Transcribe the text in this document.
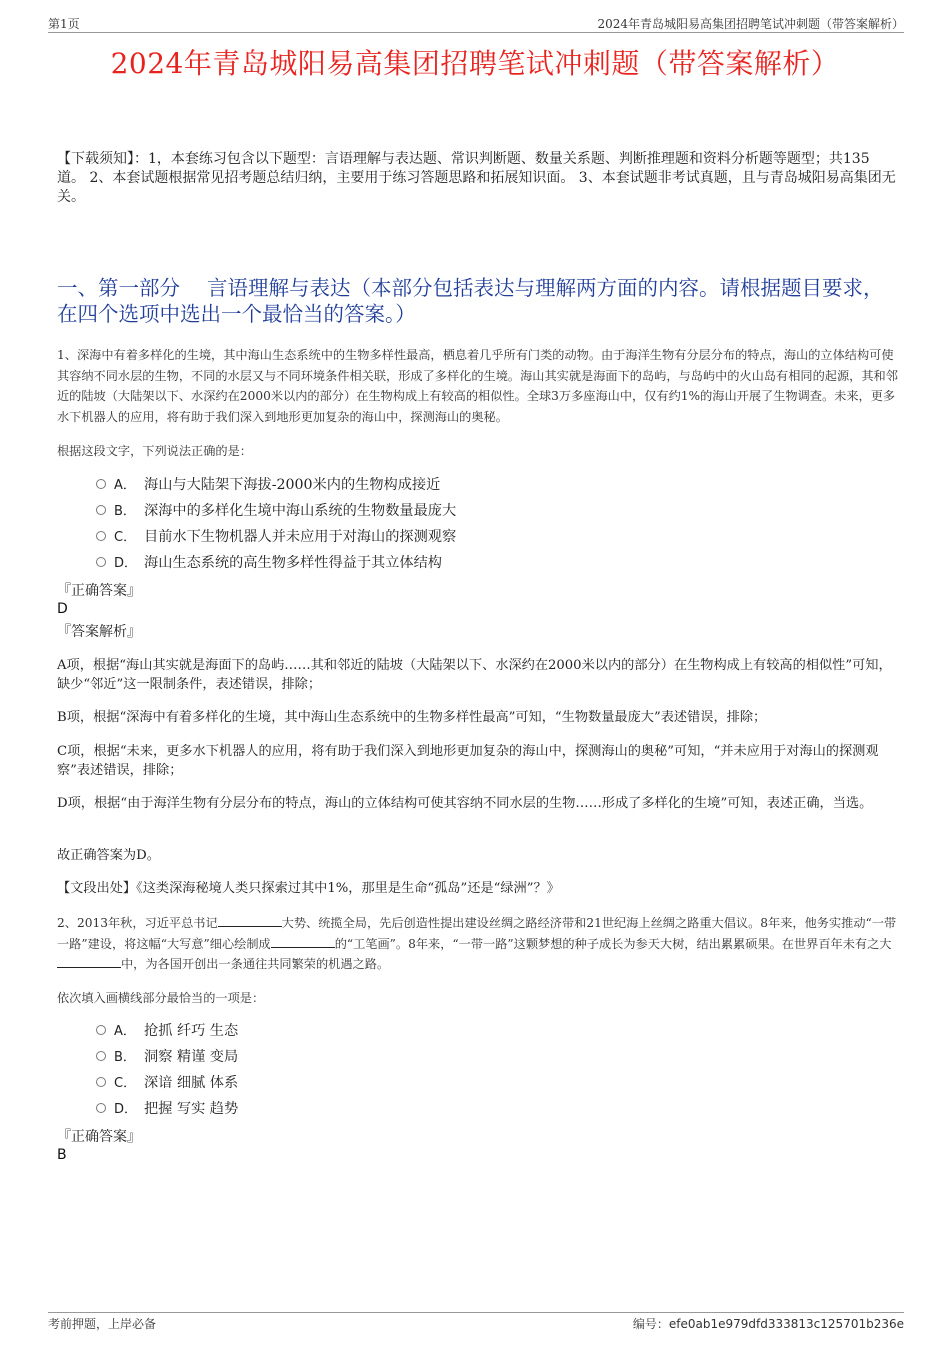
第1页	2024年青岛城阳易高集团招聘笔试冲刺题（带答案解析）
2024年青岛城阳易高集团招聘笔试冲刺题（带答案解析）
【下载须知】：1，本套练习包含以下题型：言语理解与表达题、常识判断题、数量关系题、判断推理题和资料分析题等题型；共135道。 2、本套试题根据常见招考题总结归纳，主要用于练习答题思路和拓展知识面。 3、本套试题非考试真题，且与青岛城阳易高集团无关。
一、第一部分　 言语理解与表达（本部分包括表达与理解两方面的内容。请根据题目要求，在四个选项中选出一个最恰当的答案。）
1、深海中有着多样化的生境，其中海山生态系统中的生物多样性最高，栖息着几乎所有门类的动物。由于海洋生物有分层分布的特点，海山的立体结构可使其容纳不同水层的生物，不同的水层又与不同环境条件相关联，形成了多样化的生境。海山其实就是海面下的岛屿，与岛屿中的火山岛有相同的起源，其和邻近的陆坡（大陆架以下、水深约在2000米以内的部分）在生物构成上有较高的相似性。全球3万多座海山中，仅有约1%的海山开展了生物调查。未来，更多水下机器人的应用，将有助于我们深入到地形更加复杂的海山中，探测海山的奥秘。
根据这段文字，下列说法正确的是：
A． 海山与大陆架下海拔-2000米内的生物构成接近
B． 深海中的多样化生境中海山系统的生物数量最庞大
C． 目前水下生物机器人并未应用于对海山的探测观察
D． 海山生态系统的高生物多样性得益于其立体结构
『正确答案』
D
『答案解析』
A项，根据“海山其实就是海面下的岛屿……其和邻近的陆坡（大陆架以下、水深约在2000米以内的部分）在生物构成上有较高的相似性”可知，缺少“邻近”这一限制条件，表述错误，排除；
B项，根据“深海中有着多样化的生境，其中海山生态系统中的生物多样性最高”可知，“生物数量最庞大”表述错误，排除；
C项，根据“未来，更多水下机器人的应用，将有助于我们深入到地形更加复杂的海山中，探测海山的奥秘”可知，“并未应用于对海山的探测观察”表述错误，排除；
D项，根据“由于海洋生物有分层分布的特点，海山的立体结构可使其容纳不同水层的生物……形成了多样化的生境”可知，表述正确，当选。
故正确答案为D。
【文段出处】《这类深海秘境人类只探索过其中1%，那里是生命“孤岛”还是“绿洲”？》
2、2013年秋，习近平总书记	大势、统揽全局，先后创造性提出建设丝绸之路经济带和21世纪海上丝绸之路重大倡议。8年来，他务实推动“一带一路”建设，将这幅“大写意”细心绘制成	的“工笔画”。8年来，“一带一路”这颗梦想的种子成长为参天大树，结出累累硕果。在世界百年未有之大中，为各国开创出一条通往共同繁荣的机遇之路。
依次填入画横线部分最恰当的一项是：
A． 抢抓 纤巧 生态
B． 洞察 精谨 变局
C． 深谙 细腻 体系
D． 把握 写实 趋势
『正确答案』
B
考前押题，上岸必备	编号：efe0ab1e979dfd333813c125701b236e
